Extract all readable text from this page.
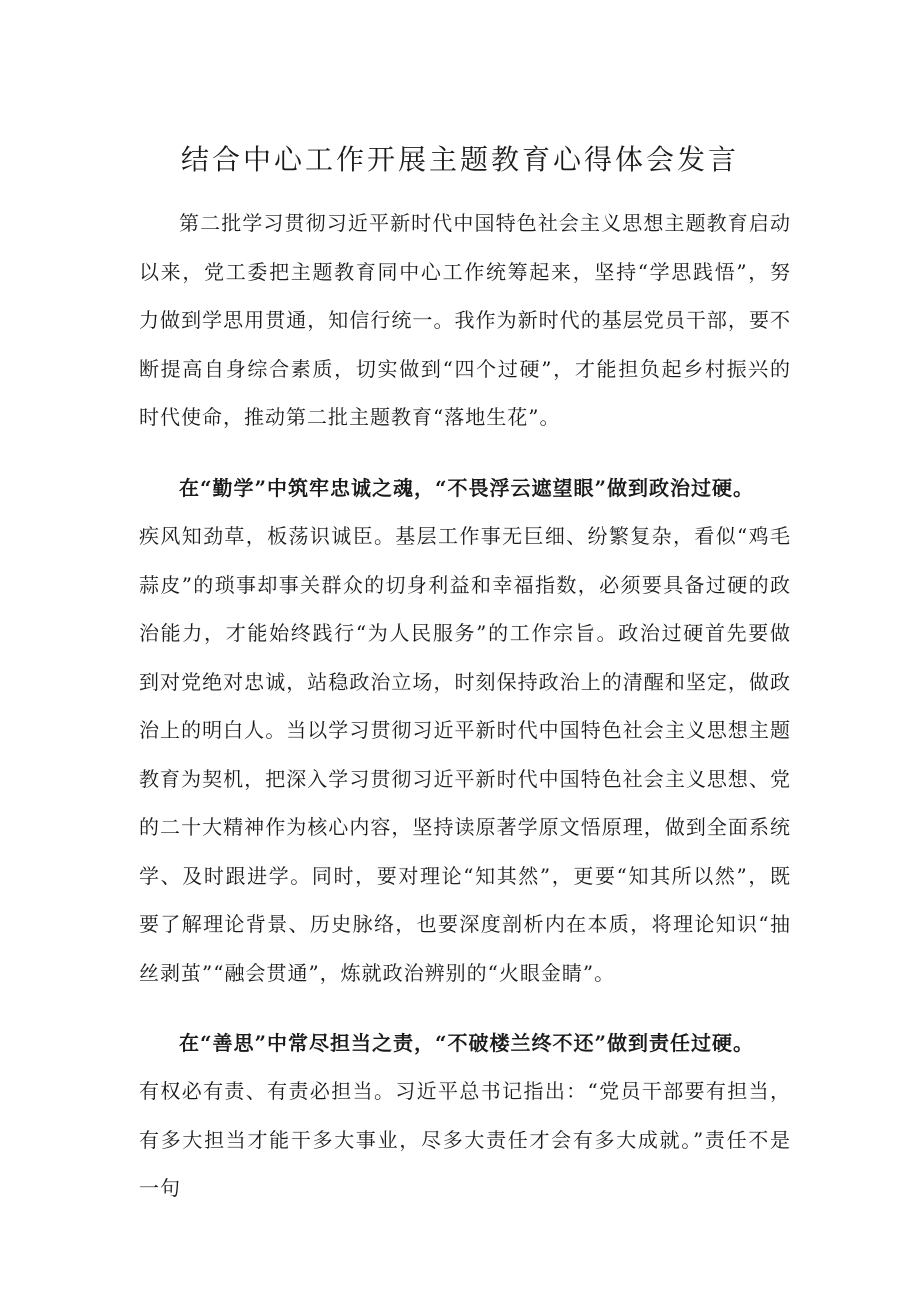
结合中心工作开展主题教育心得体会发言
第二批学习贯彻习近平新时代中国特色社会主义思想主题教育启动以来，党工委把主题教育同中心工作统筹起来，坚持“学思践悟”，努力做到学思用贯通，知信行统一。我作为新时代的基层党员干部，要不断提高自身综合素质，切实做到“四个过硬”，才能担负起乡村振兴的时代使命，推动第二批主题教育“落地生花”。
在“勤学”中筑牢忠诚之魂，“不畏浮云遮望眼”做到政治过硬。
疾风知劲草，板荡识诚臣。基层工作事无巨细、纷繁复杂，看似“鸡毛蒜皮”的琐事却事关群众的切身利益和幸福指数，必须要具备过硬的政治能力，才能始终践行“为人民服务”的工作宗旨。政治过硬首先要做到对党绝对忠诚，站稳政治立场，时刻保持政治上的清醒和坚定，做政治上的明白人。当以学习贯彻习近平新时代中国特色社会主义思想主题教育为契机，把深入学习贯彻习近平新时代中国特色社会主义思想、党的二十大精神作为核心内容，坚持读原著学原文悟原理，做到全面系统学、及时跟进学。同时，要对理论“知其然”，更要“知其所以然”，既要了解理论背景、历史脉络，也要深度剖析内在本质，将理论知识“抽丝剥茧”“融会贯通”，炼就政治辨别的“火眼金睛”。
在“善思”中常尽担当之责，“不破楼兰终不还”做到责任过硬。
有权必有责、有责必担当。习近平总书记指出：“党员干部要有担当，有多大担当才能干多大事业，尽多大责任才会有多大成就。”责任不是一句
